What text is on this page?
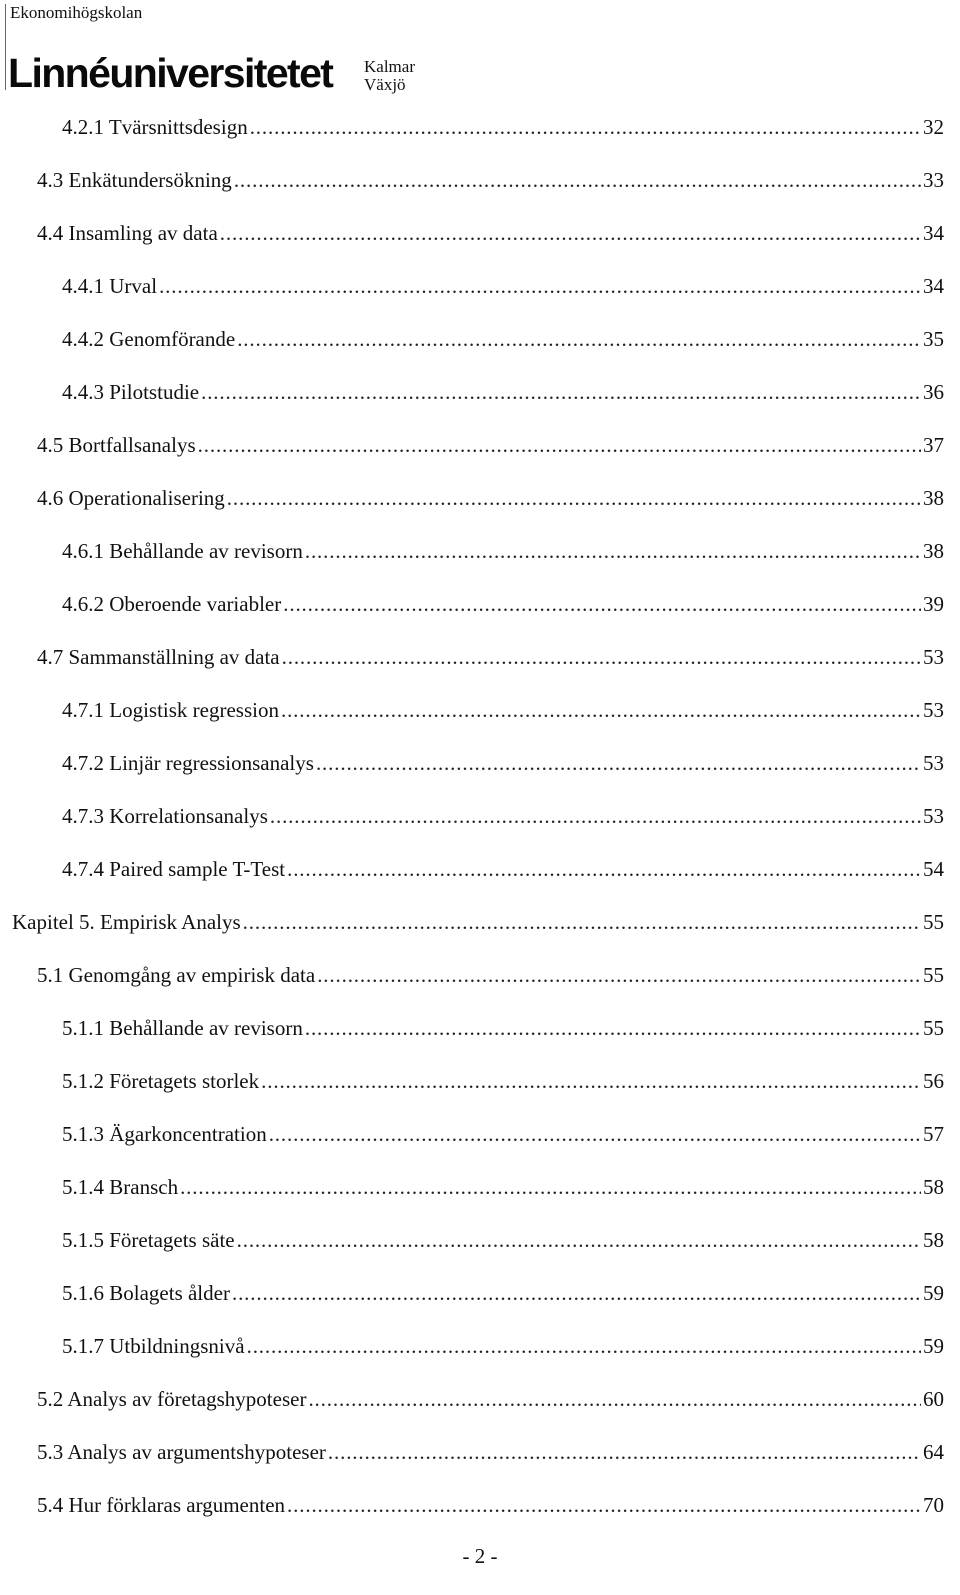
Ekonomihögskolan
Linnéuniversitetet Kalmar
Växjö
4.2.1 Tvärsnittsdesign . . .	32
4.3 Enkätundersökning . . .	33
4.4 Insamling av data . . .	34
4.4.1 Urval . . .	34
4.4.2 Genomförande . . .	35
4.4.3 Pilotstudie . . .	36
4.5 Bortfallsanalys . . .	37
4.6 Operationalisering . . .	38
4.6.1 Behållande av revisorn . . .	38
4.6.2 Oberoende variabler . . .	39
4.7 Sammanställning av data . . .	53
4.7.1 Logistisk regression . . .	53
4.7.2 Linjär regressionsanalys . . .	53
4.7.3 Korrelationsanalys . . .	53
4.7.4 Paired sample T-Test . . .	54
Kapitel 5. Empirisk Analys . . .	55
5.1 Genomgång av empirisk data . . .	55
5.1.1 Behållande av revisorn . . .	55
5.1.2 Företagets storlek . . .	56
5.1.3 Ägarkoncentration . . .	57
5.1.4 Bransch . . .	58
5.1.5 Företagets säte . . .	58
5.1.6 Bolagets ålder . . .	59
5.1.7 Utbildningsnivå . . .	59
5.2 Analys av företagshypoteser . . .	60
5.3 Analys av argumentshypoteser . . .	64
5.4 Hur förklaras argumenten . . .	70
- 2 -
